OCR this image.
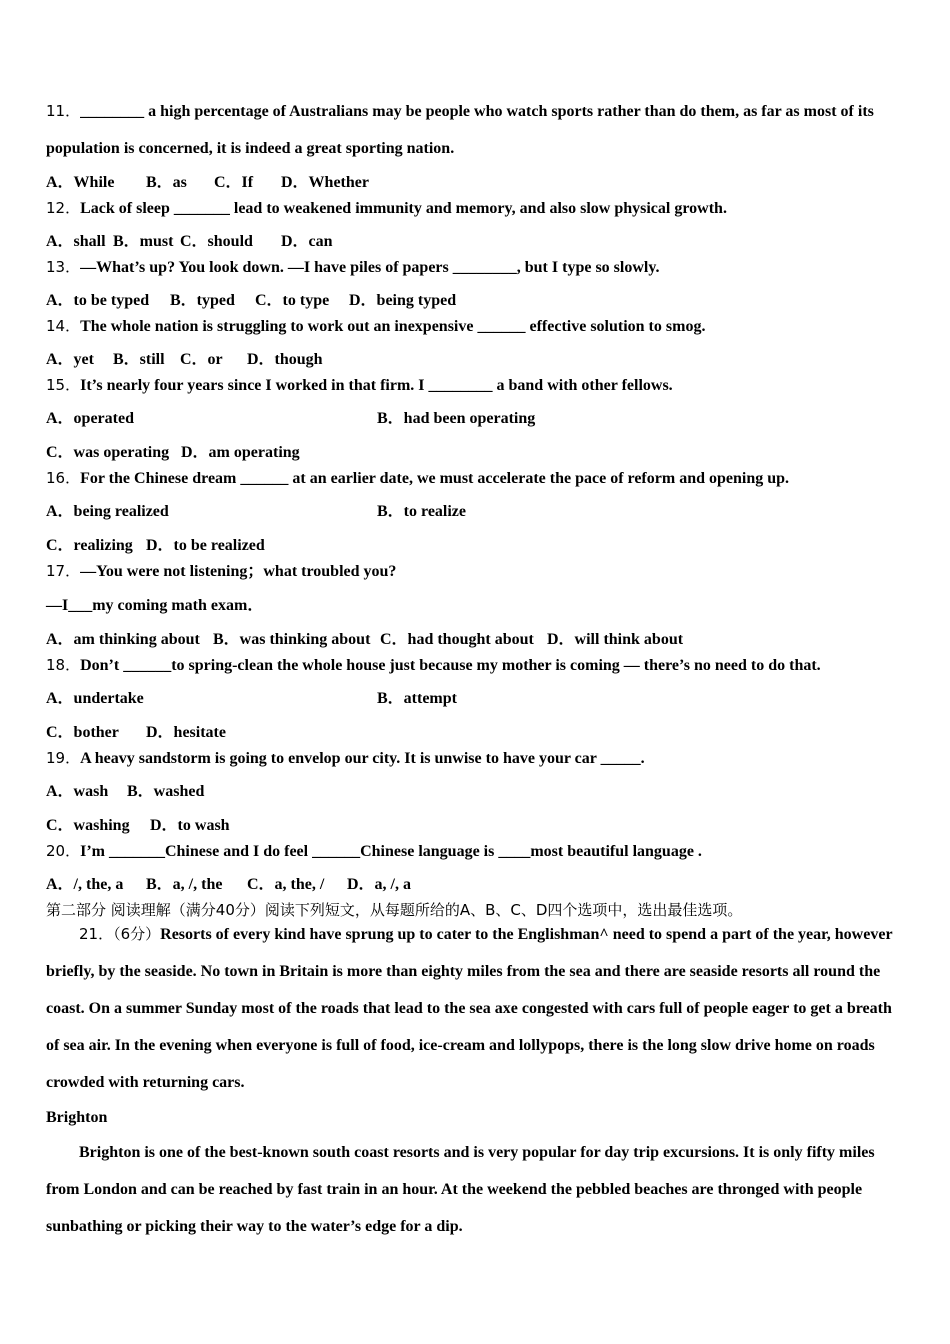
11．________ a high percentage of Australians may be people who watch sports rather than do them, as far as most of its population is concerned, it is indeed a great sporting nation.
A．While B．as C．If D．Whether
12．Lack of sleep _______ lead to weakened immunity and memory, and also slow physical growth.
A．shall B．must C．should D．can
13．—What’s up? You look down. —I have piles of papers ________, but I type so slowly.
A．to be typed B．typed C．to type D．being typed
14．The whole nation is struggling to work out an inexpensive ______ effective solution to smog.
A．yet B．still C．or D．though
15．It’s nearly four years since I worked in that firm. I ________ a band with other fellows.
A．operated	B．had been operating
C．was operating D．am operating
16．For the Chinese dream ______ at an earlier date, we must accelerate the pace of reform and opening up.
A．being realized	B．to realize
C．realizing D．to be realized
17．—You were not listening；what troubled you?
—I___my coming math exam．
A．am thinking about B．was thinking about C．had thought about D．will think about
18．Don’t ______to spring-clean the whole house just because my mother is coming — there’s no need to do that.
A．undertake	B．attempt
C．bother D．hesitate
19．A heavy sandstorm is going to envelop our city. It is unwise to have your car _____.
A．wash B．washed
C．washing D．to wash
20．I’m _______Chinese and I do feel ______Chinese language is ____most beautiful language .
A．/, the, a B．a, /, the C．a, the, / D．a, /, a
第二部分 阅读理解（满分40分）阅读下列短文，从每题所给的A、B、C、D四个选项中，选出最佳选项。
21．（6分）Resorts of every kind have sprung up to cater to the Englishman^ need to spend a part of the year, however briefly, by the seaside. No town in Britain is more than eighty miles from the sea and there are seaside resorts all round the coast. On a summer Sunday most of the roads that lead to the sea axe congested with cars full of people eager to get a breath of sea air. In the evening when everyone is full of food, ice-cream and lollypops, there is the long slow drive home on roads crowded with returning cars.
Brighton
Brighton is one of the best-known south coast resorts and is very popular for day trip excursions. It is only fifty miles from London and can be reached by fast train in an hour. At the weekend the pebbled beaches are thronged with people sunbathing or picking their way to the water’s edge for a dip.
